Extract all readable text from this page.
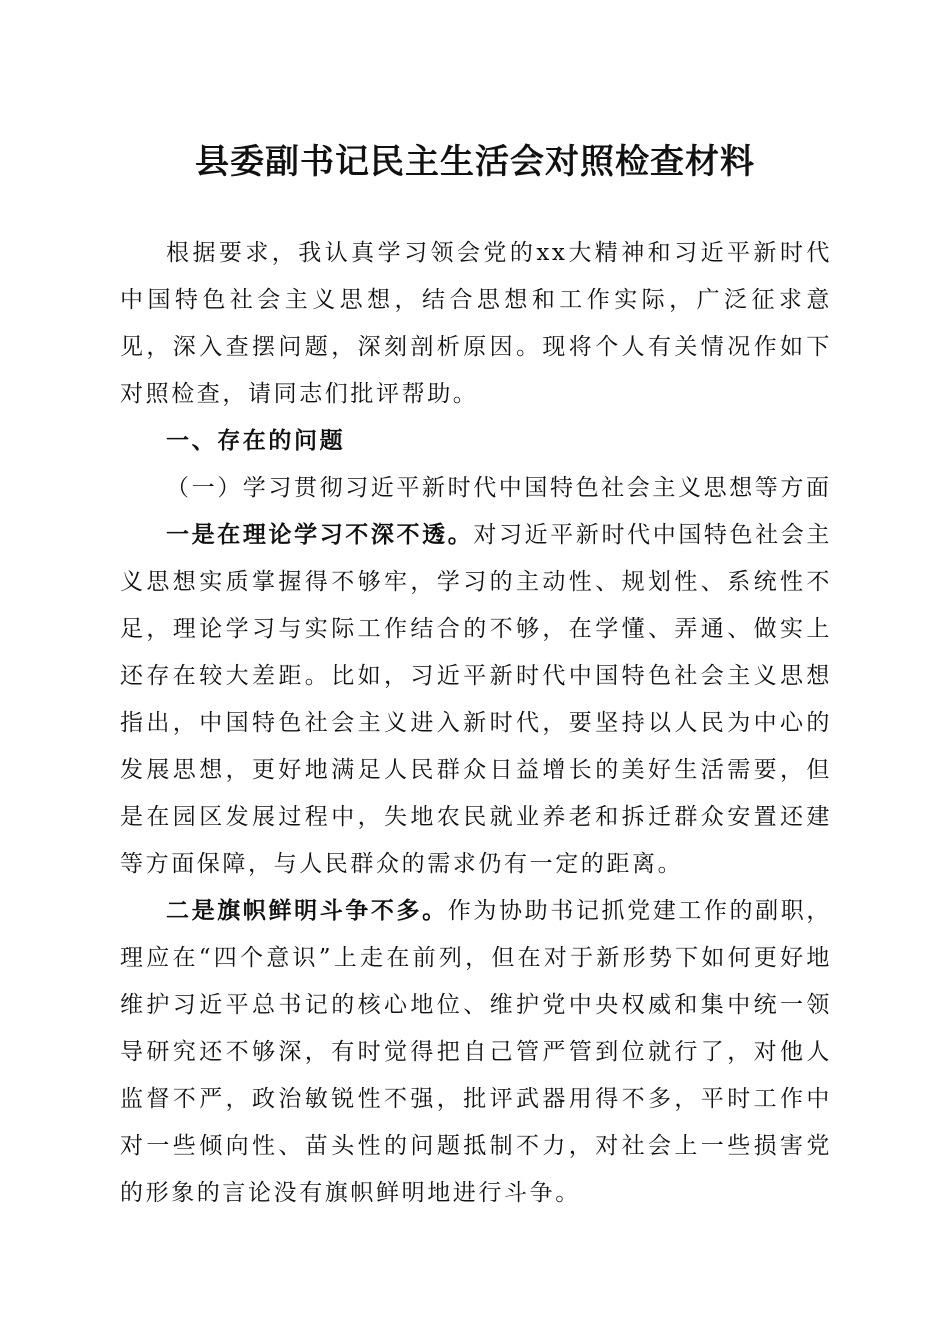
县委副书记民主生活会对照检查材料

根据要求，我认真学习领会党的xx大精神和习近平新时代中国特色社会主义思想，结合思想和工作实际，广泛征求意见，深入查摆问题，深刻剖析原因。现将个人有关情况作如下对照检查，请同志们批评帮助。

一、存在的问题

（一）学习贯彻习近平新时代中国特色社会主义思想等方面

一是在理论学习不深不透。对习近平新时代中国特色社会主义思想实质掌握得不够牢，学习的主动性、规划性、系统性不足，理论学习与实际工作结合的不够，在学懂、弄通、做实上还存在较大差距。比如，习近平新时代中国特色社会主义思想指出，中国特色社会主义进入新时代，要坚持以人民为中心的发展思想，更好地满足人民群众日益增长的美好生活需要，但是在园区发展过程中，失地农民就业养老和拆迁群众安置还建等方面保障，与人民群众的需求仍有一定的距离。

二是旗帜鲜明斗争不多。作为协助书记抓党建工作的副职，理应在“四个意识”上走在前列，但在对于新形势下如何更好地维护习近平总书记的核心地位、维护党中央权威和集中统一领导研究还不够深，有时觉得把自己管严管到位就行了，对他人监督不严，政治敏锐性不强，批评武器用得不多，平时工作中对一些倾向性、苗头性的问题抵制不力，对社会上一些损害党的形象的言论没有旗帜鲜明地进行斗争。
